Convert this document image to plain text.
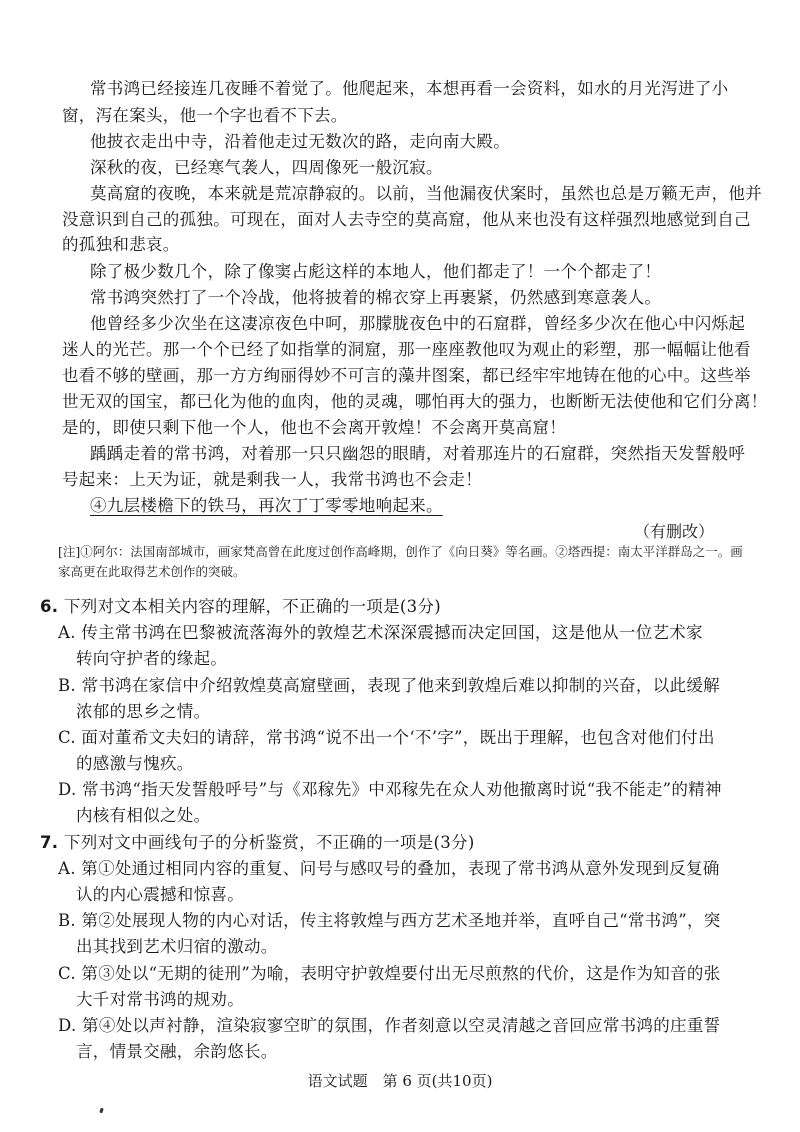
常书鸿已经接连几夜睡不着觉了。他爬起来，本想再看一会资料，如水的月光泻进了小
窗，泻在案头，他一个字也看不下去。
他披衣走出中寺，沿着他走过无数次的路，走向南大殿。
深秋的夜，已经寒气袭人，四周像死一般沉寂。
莫高窟的夜晚，本来就是荒凉静寂的。以前，当他漏夜伏案时，虽然也总是万籁无声，他并
没意识到自己的孤独。可现在，面对人去寺空的莫高窟，他从来也没有这样强烈地感觉到自己
的孤独和悲哀。
除了极少数几个，除了像窦占彪这样的本地人，他们都走了！一个个都走了！
常书鸿突然打了一个冷战，他将披着的棉衣穿上再裹紧，仍然感到寒意袭人。
他曾经多少次坐在这凄凉夜色中呵，那朦胧夜色中的石窟群，曾经多少次在他心中闪烁起
迷人的光芒。那一个个已经了如指掌的洞窟，那一座座教他叹为观止的彩塑，那一幅幅让他看
也看不够的壁画，那一方方绚丽得妙不可言的藻井图案，都已经牢牢地铸在他的心中。这些举
世无双的国宝，都已化为他的血肉，他的灵魂，哪怕再大的强力，也断断无法使他和它们分离！
是的，即使只剩下他一个人，他也不会离开敦煌！不会离开莫高窟！
踽踽走着的常书鸿，对着那一只只幽怨的眼睛，对着那连片的石窟群，突然指天发誓般呼
号起来：上天为证，就是剩我一人，我常书鸿也不会走！
④九层楼檐下的铁马，再次丁丁零零地响起来。
（有删改）
[注]①阿尔：法国南部城市，画家梵高曾在此度过创作高峰期，创作了《向日葵》等名画。②塔西提：南太平洋群岛之一。画家高更在此取得艺术创作的突破。
6. 下列对文本相关内容的理解，不正确的一项是(3分)
A. 传主常书鸿在巴黎被流落海外的敦煌艺术深深震撼而决定回国，这是他从一位艺术家
转向守护者的缘起。
B. 常书鸿在家信中介绍敦煌莫高窟壁画，表现了他来到敦煌后难以抑制的兴奋，以此缓解
浓郁的思乡之情。
C. 面对董希文夫妇的请辞，常书鸿“说不出一个‘不’字”，既出于理解，也包含对他们付出
的感激与愧疚。
D. 常书鸿“指天发誓般呼号”与《邓稼先》中邓稼先在众人劝他撤离时说“我不能走”的精神
内核有相似之处。
7. 下列对文中画线句子的分析鉴赏，不正确的一项是(3分)
A. 第①处通过相同内容的重复、问号与感叹号的叠加，表现了常书鸿从意外发现到反复确
认的内心震撼和惊喜。
B. 第②处展现人物的内心对话，传主将敦煌与西方艺术圣地并举，直呼自己“常书鸿”，突
出其找到艺术归宿的激动。
C. 第③处以“无期的徒刑”为喻，表明守护敦煌要付出无尽煎熬的代价，这是作为知音的张
大千对常书鸿的规劝。
D. 第④处以声衬静，渲染寂寥空旷的氛围，作者刻意以空灵清越之音回应常书鸿的庄重誓
言，情景交融，余韵悠长。
语文试题　第 6 页(共10页)
